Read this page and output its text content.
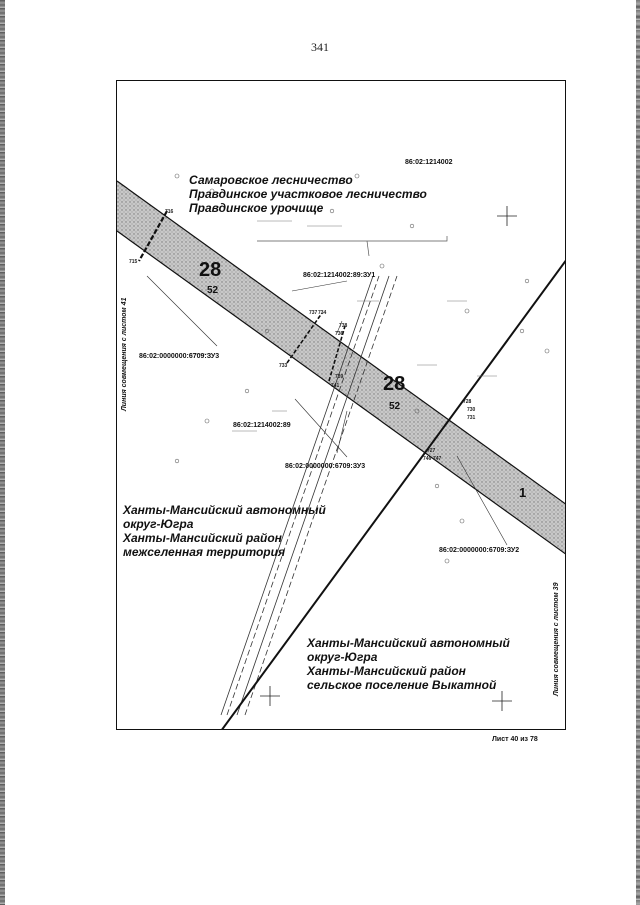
341
Самаровское лесничество
Правдинское участковое лесничество
Правдинское урочище
86:02:1214002
86:02:1214002:89:ЗУ1
86:02:0000000:6709:ЗУ3
86:02:1214002:89
86:02:0000000:6709:ЗУ3
86:02:0000000:6709:ЗУ2
28
52
28
52
1
716
715
737 734
738
736
733
739
741
728
730
731
727
746 747
Ханты-Мансийский автономный
округ-Югра
Ханты-Мансийский район
межселенная территория
Ханты-Мансийский автономный
округ-Югра
Ханты-Мансийский район
сельское поселение Выкатной
Линия совмещения с листом 41
Линия совмещения с листом 39
Лист 40 из 78
